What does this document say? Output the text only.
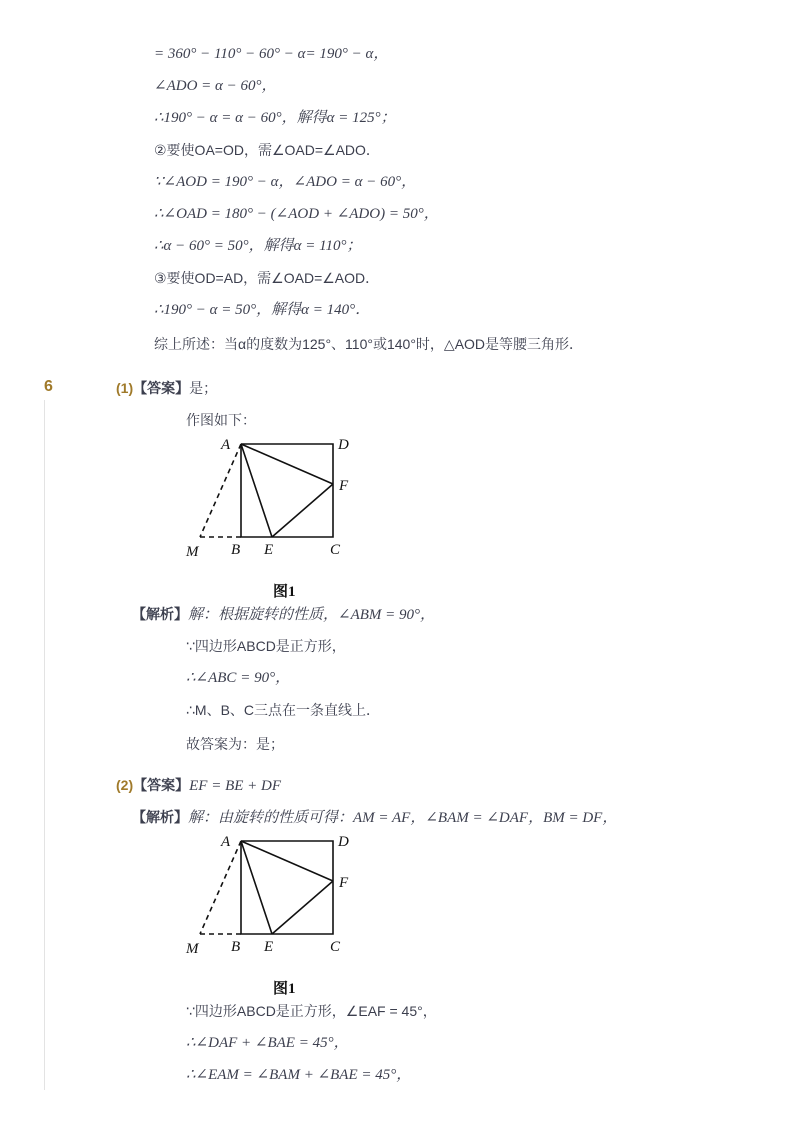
= 360° − 110° − 60° − α= 190° − α，
∠ADO = α − 60°，
∴190° − α = α − 60°，解得α = 125°；
②要使OA=OD，需∠OAD=∠ADO．
∵∠AOD = 190° − α，∠ADO = α − 60°，
∴∠OAD = 180° − (∠AOD + ∠ADO) = 50°，
∴α − 60° = 50°，解得α = 110°；
③要使OD=AD，需∠OAD=∠AOD．
∴190° − α = 50°，解得α = 140°．
综上所述：当α的度数为125°、110°或140°时，△AOD是等腰三角形．
6	(1)【答案】是；
作图如下：
A	D
F
M B E	C
图1
【解析】解：根据旋转的性质，∠ABM = 90°，
∵四边形ABCD是正方形，
∴∠ABC = 90°，
∴M、B、C三点在一条直线上．
故答案为：是；
(2)【答案】EF = BE + DF
【解析】解：由旋转的性质可得：AM = AF，∠BAM = ∠DAF，BM = DF，
A	D
F
M B E	C
图1
∵四边形ABCD是正方形，∠EAF = 45°，
∴∠DAF + ∠BAE = 45°，
∴∠EAM = ∠BAM + ∠BAE = 45°，
